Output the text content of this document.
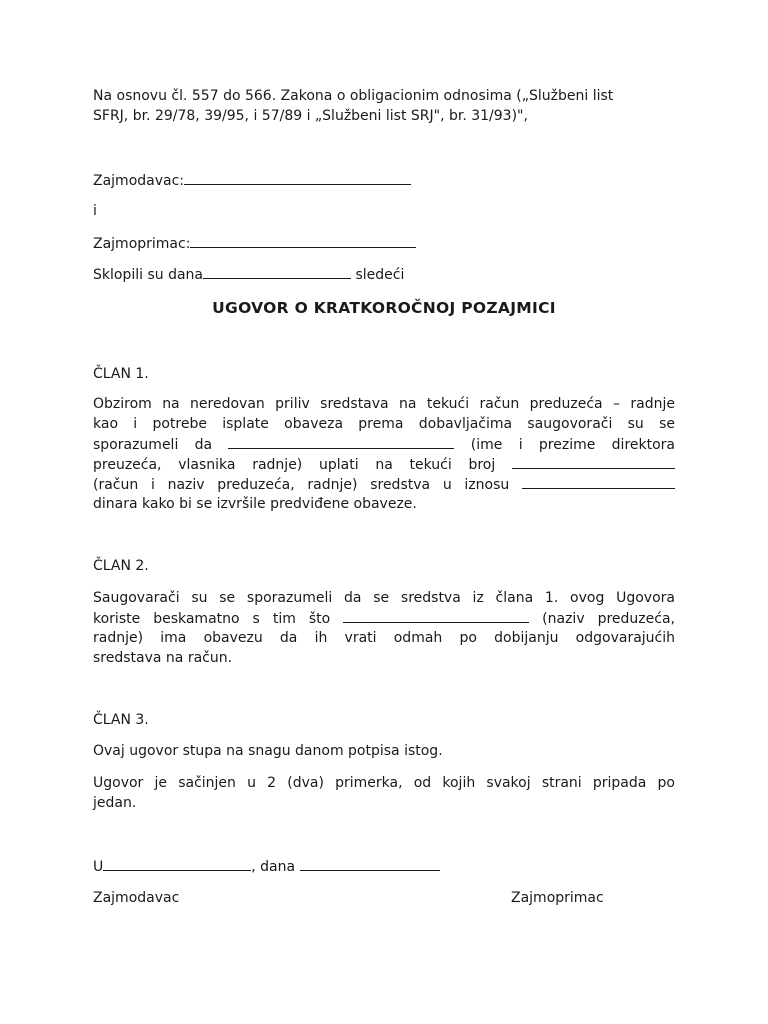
Na osnovu čl. 557 do 566. Zakona o obligacionim odnosima („Službeni list
SFRJ, br. 29/78, 39/95, i 57/89 i „Službeni list SRJ", br. 31/93)",
Zajmodavac:
i
Zajmoprimac:
Sklopili su dana	sledeći
UGOVOR O KRATKOROČNOJ POZAJMICI
ČLAN 1.
Obzirom na neredovan priliv sredstava na tekući račun preduzeća – radnje
kao i potrebe isplate obaveza prema dobavljačima saugovorači su se
sporazumeli da	(ime i prezime direktora
preuzeća, vlasnika radnje) uplati na tekući broj
(račun i naziv preduzeća, radnje) sredstva u iznosu
dinara kako bi se izvršile predviđene obaveze.
ČLAN 2.
Saugovarači su se sporazumeli da se sredstva iz člana 1. ovog Ugovora
koriste beskamatno s tim što	(naziv preduzeća,
radnje) ima obavezu da ih vrati odmah po dobijanju odgovarajućih
sredstava na račun.
ČLAN 3.
Ovaj ugovor stupa na snagu danom potpisa istog.
Ugovor je sačinjen u 2 (dva) primerka, od kojih svakoj strani pripada po
jedan.
U	, dana
Zajmodavac	Zajmoprimac
